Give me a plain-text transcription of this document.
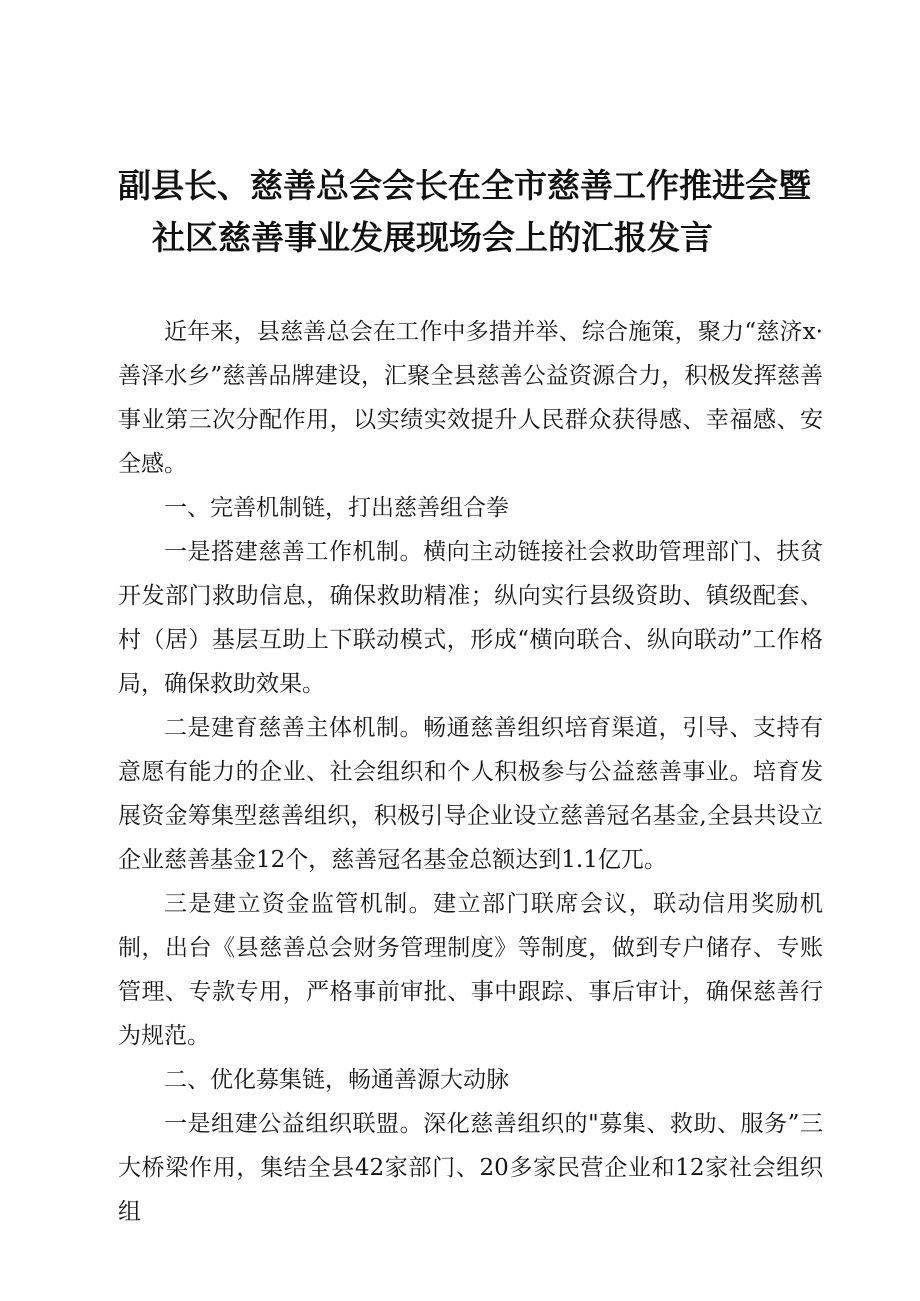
副县长、慈善总会会长在全市慈善工作推进会暨
社区慈善事业发展现场会上的汇报发言

近年来，县慈善总会在工作中多措并举、综合施策，聚力“慈济x·善泽水乡”慈善品牌建设，汇聚全县慈善公益资源合力，积极发挥慈善事业第三次分配作用，以实绩实效提升人民群众获得感、幸福感、安全感。

一、完善机制链，打出慈善组合拳

一是搭建慈善工作机制。横向主动链接社会救助管理部门、扶贫开发部门救助信息，确保救助精准；纵向实行县级资助、镇级配套、村（居）基层互助上下联动模式，形成“横向联合、纵向联动”工作格局，确保救助效果。

二是建育慈善主体机制。畅通慈善组织培育渠道，引导、支持有意愿有能力的企业、社会组织和个人积极参与公益慈善事业。培育发展资金筹集型慈善组织，积极引导企业设立慈善冠名基金,全县共设立企业慈善基金12个，慈善冠名基金总额达到1.1亿兀。

三是建立资金监管机制。建立部门联席会议，联动信用奖励机制，出台《县慈善总会财务管理制度》等制度，做到专户储存、专账管理、专款专用，严格事前审批、事中跟踪、事后审计，确保慈善行为规范。

二、优化募集链，畅通善源大动脉

一是组建公益组织联盟。深化慈善组织的"募集、救助、服务”三大桥梁作用，集结全县42家部门、20多家民营企业和12家社会组织组
